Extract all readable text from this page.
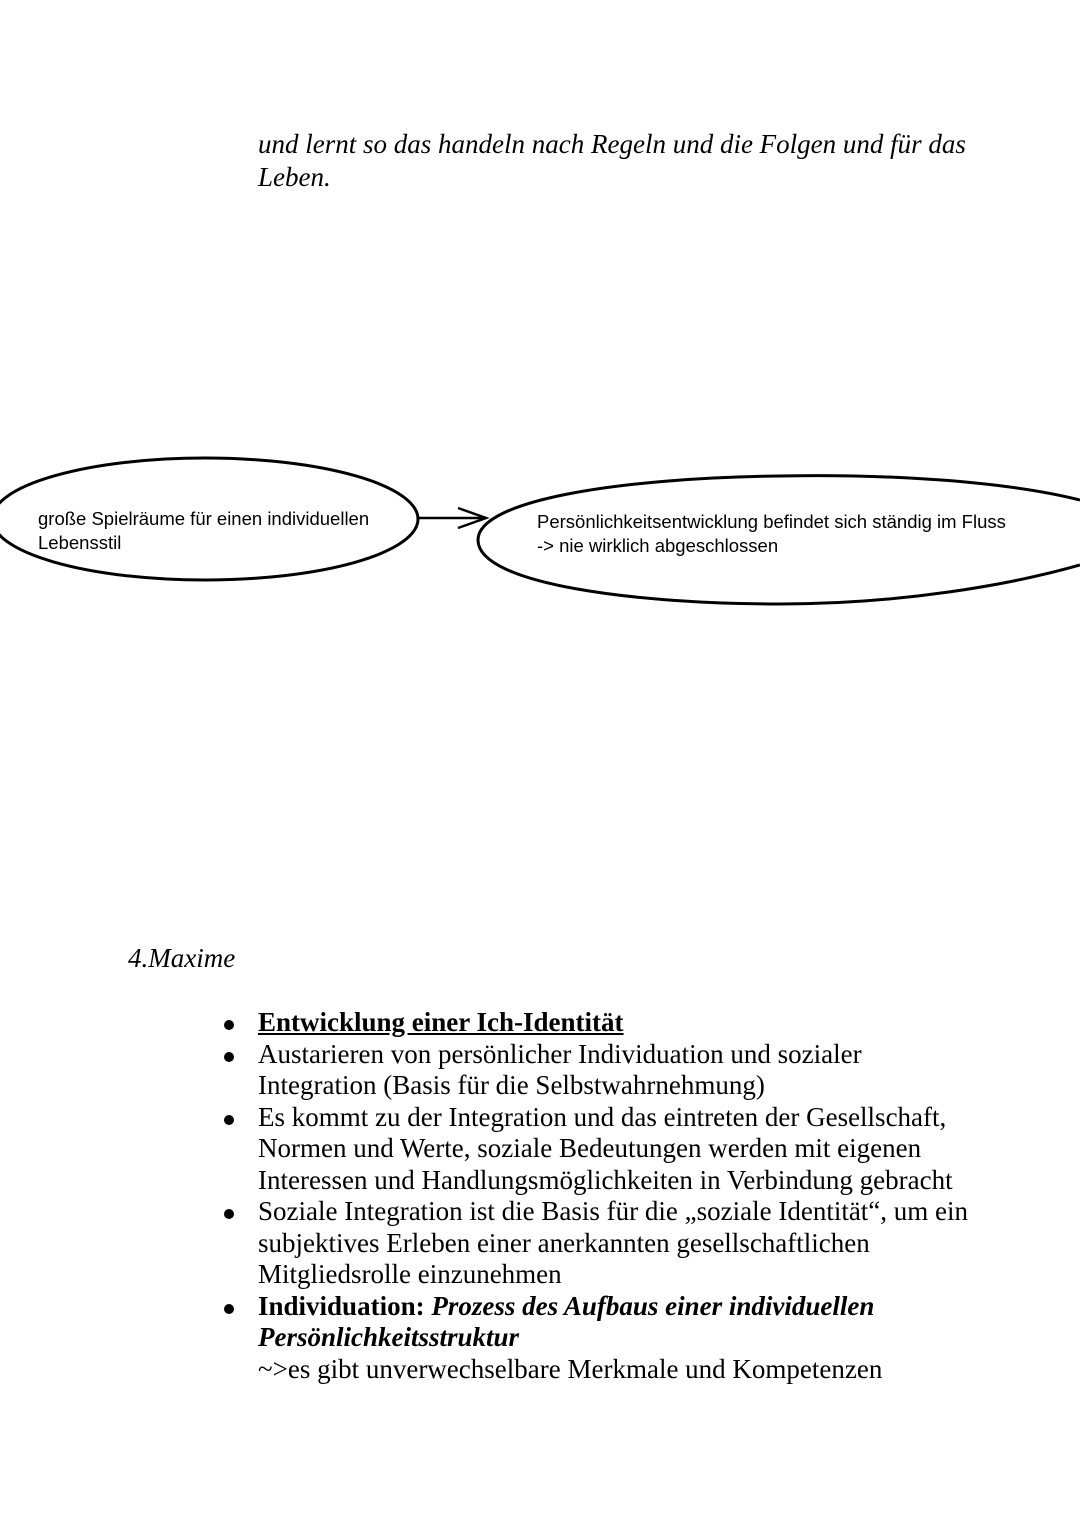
und lernt so das handeln nach Regeln und die Folgen und für das Leben.

große Spielräume für einen individuellen
Lebensstil
Persönlichkeitsentwicklung befindet sich ständig im Fluss
-> nie wirklich abgeschlossen
4.Maxime
Entwicklung einer Ich-Identität
Austarieren von persönlicher Individuation und sozialer Integration (Basis für die Selbstwahrnehmung)
Es kommt zu der Integration und das eintreten der Gesellschaft, Normen und Werte, soziale Bedeutungen werden mit eigenen Interessen und Handlungsmöglichkeiten in Verbindung gebracht
Soziale Integration ist die Basis für die „soziale Identität“, um ein subjektives Erleben einer anerkannten gesellschaftlichen Mitgliedsrolle einzunehmen
Individuation: Prozess des Aufbaus einer individuellen Persönlichkeitsstruktur
~>es gibt unverwechselbare Merkmale und Kompetenzen
